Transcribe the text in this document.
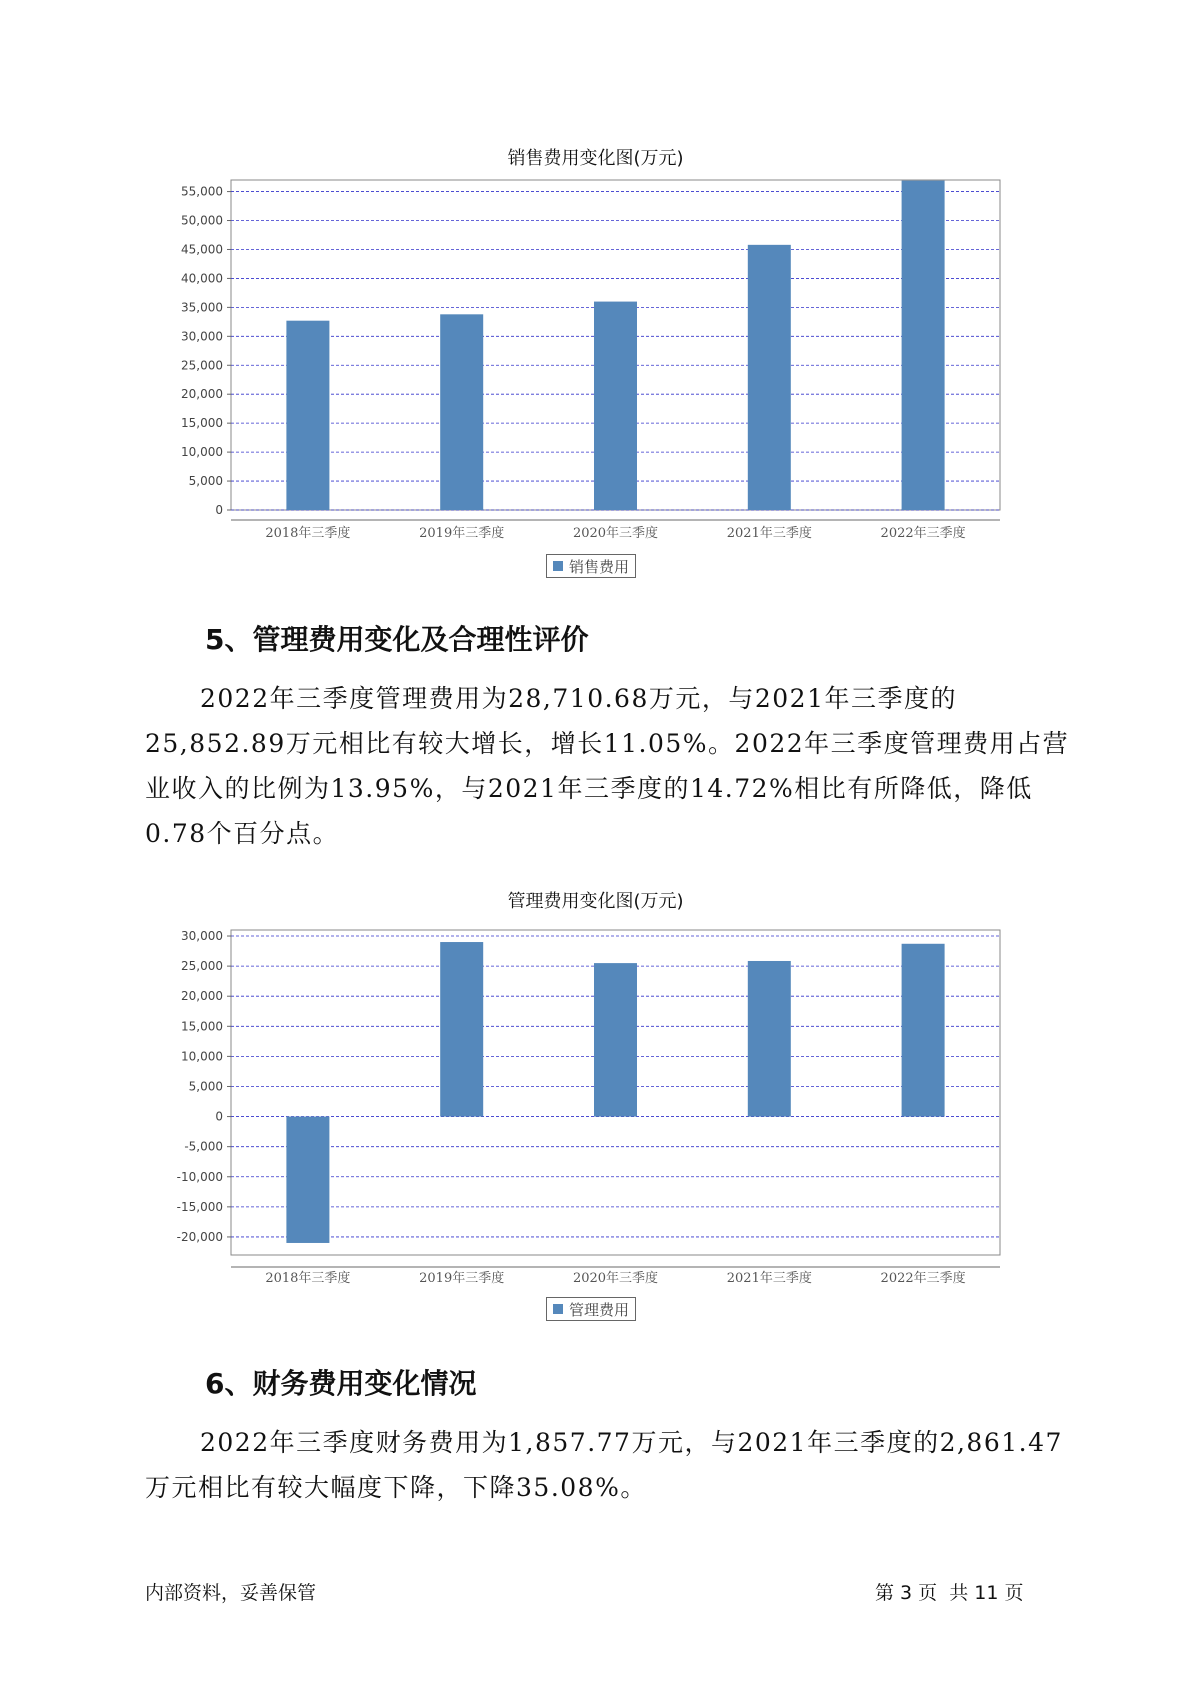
销售费用变化图(万元)
0
5,000
10,000
15,000
20,000
25,000
30,000
35,000
40,000
45,000
50,000
55,000
2018年三季度	2019年三季度	2020年三季度	2021年三季度	2022年三季度
销售费用
5、管理费用变化及合理性评价

2022年三季度管理费用为28,710.68万元，与2021年三季度的25,852.89万元相比有较大增长，增长11.05%。2022年三季度管理费用占营业收入的比例为13.95%，与2021年三季度的14.72%相比有所降低，降低0.78个百分点。

管理费用变化图(万元)
-20,000
-15,000
-10,000
-5,000
0
5,000
10,000
15,000
20,000
25,000
30,000
2018年三季度	2019年三季度	2020年三季度	2021年三季度	2022年三季度
管理费用
6、财务费用变化情况

2022年三季度财务费用为1,857.77万元，与2021年三季度的2,861.47万元相比有较大幅度下降，下降35.08%。

内部资料，妥善保管	第 3 页  共 11 页
